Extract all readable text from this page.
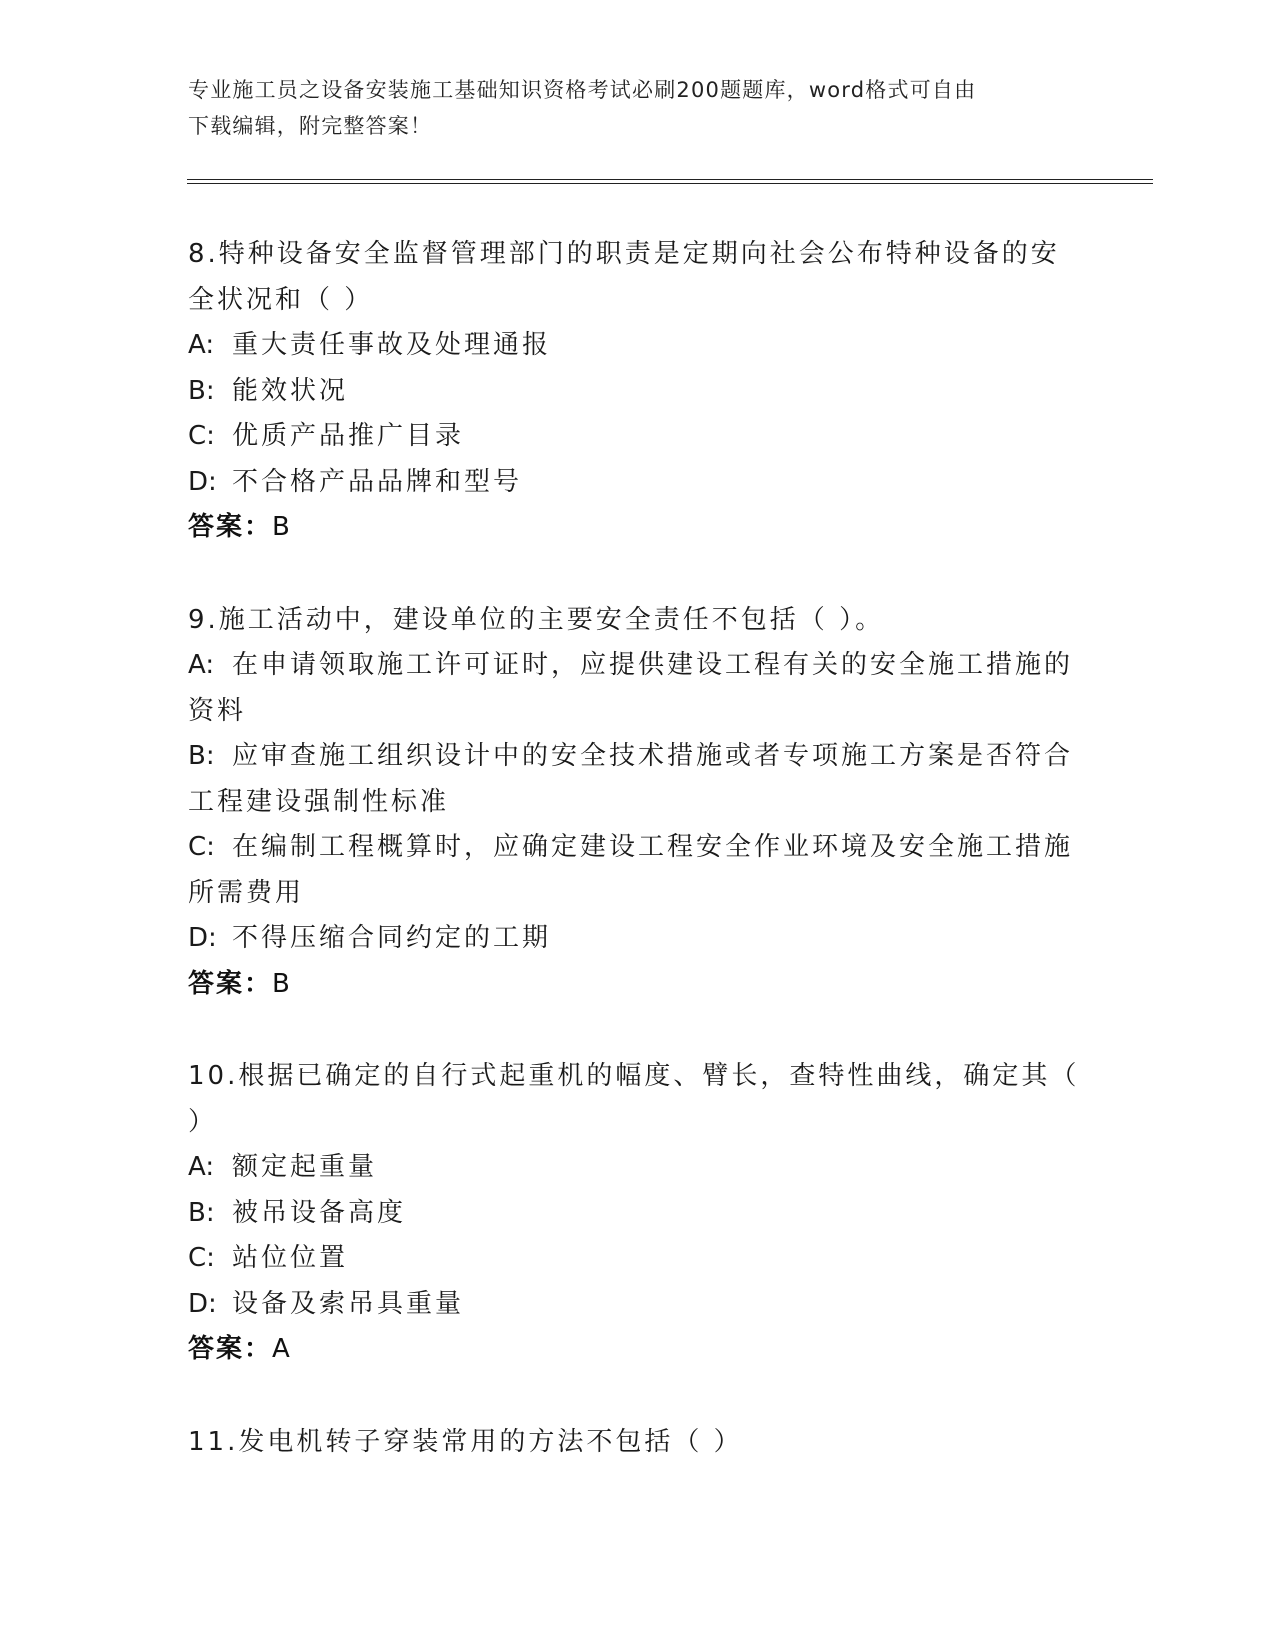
专业施工员之设备安装施工基础知识资格考试必刷200题题库，word格式可自由
下载编辑，附完整答案！
8.特种设备安全监督管理部门的职责是定期向社会公布特种设备的安
全状况和（ ）
A: 重大责任事故及处理通报
B: 能效状况
C: 优质产品推广目录
D: 不合格产品品牌和型号
答案：B
9.施工活动中，建设单位的主要安全责任不包括（ ）。
A: 在申请领取施工许可证时，应提供建设工程有关的安全施工措施的
资料
B: 应审查施工组织设计中的安全技术措施或者专项施工方案是否符合
工程建设强制性标准
C: 在编制工程概算时，应确定建设工程安全作业环境及安全施工措施
所需费用
D: 不得压缩合同约定的工期
答案：B
10.根据已确定的自行式起重机的幅度、臂长，查特性曲线，确定其（
）
A: 额定起重量
B: 被吊设备高度
C: 站位位置
D: 设备及索吊具重量
答案：A
11.发电机转子穿装常用的方法不包括（ ）
